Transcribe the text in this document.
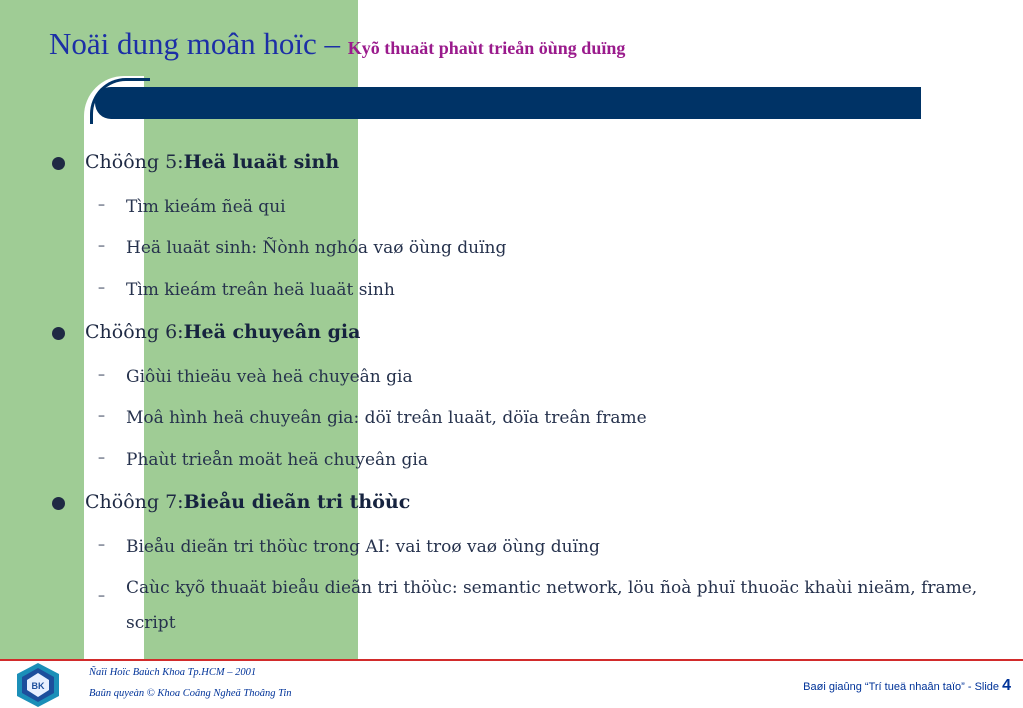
Noäi dung moân hoïc – Kyõ thuaät phaùt trieån öùng duïng
Chöông 5:Heä luaät sinh
– Tìm kieám ñeä qui
– Heä luaät sinh: Ñònh nghóa vaø öùng duïng
– Tìm kieám treân heä luaät sinh
Chöông 6:Heä chuyeân gia
– Giôùi thieäu veà heä chuyeân gia
– Moâ hình heä chuyeân gia: döï treân luaät, döïa treân frame
– Phaùt trieån moät heä chuyeân gia
Chöông 7:Bieåu dieãn tri thöùc
– Bieåu dieãn tri thöùc trong AI: vai troø vaø öùng duïng
– Caùc kyõ thuaät bieåu dieãn tri thöùc: semantic network, löu ñoà phuï thuoäc khaùi nieäm, frame, script
BK
Ñaïi Hoïc Baùch Khoa Tp.HCM – 2001
Baûn quyeàn © Khoa Coâng Ngheä Thoâng Tin
Baøi giaûng “Trí tueä nhaân taïo” - Slide 4
